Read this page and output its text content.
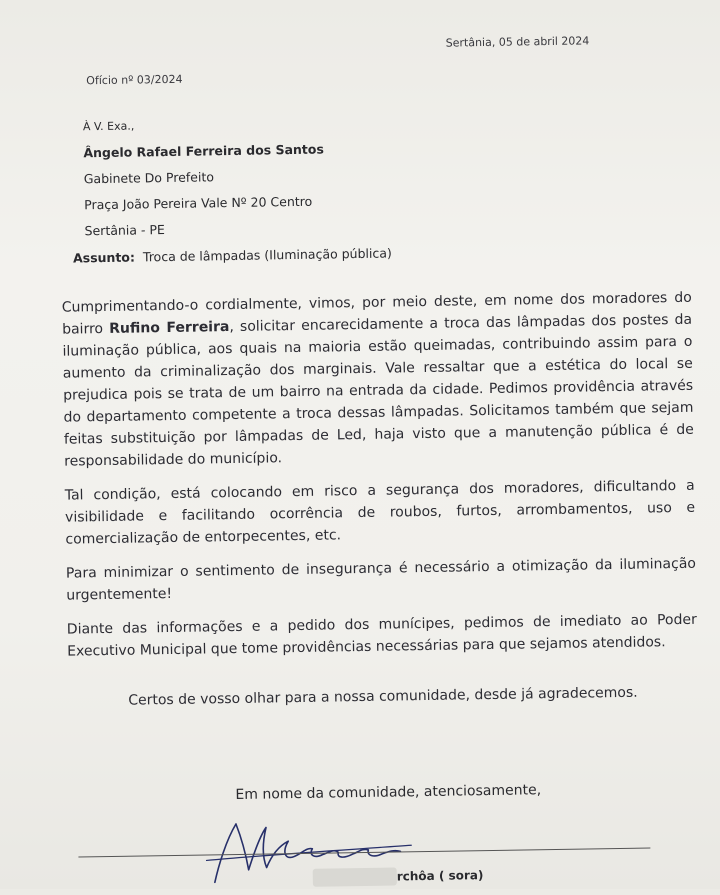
Sertânia, 05 de abril 2024
Ofício nº 03/2024
À V. Exa.,
Ângelo Rafael Ferreira dos Santos
Gabinete Do Prefeito
Praça João Pereira Vale Nº 20 Centro
Sertânia - PE
Assunto: Troca de lâmpadas (Iluminação pública)

Cumprimentando-o cordialmente, vimos, por meio deste, em nome dos moradores do bairro Rufino Ferreira, solicitar encarecidamente a troca das lâmpadas dos postes da iluminação pública, aos quais na maioria estão queimadas, contribuindo assim para o aumento da criminalização dos marginais. Vale ressaltar que a estética do local se prejudica pois se trata de um bairro na entrada da cidade. Pedimos providência através do departamento competente a troca dessas lâmpadas. Solicitamos também que sejam feitas substituição por lâmpadas de Led, haja visto que a manutenção pública é de responsabilidade do município.

Tal condição, está colocando em risco a segurança dos moradores, dificultando a visibilidade e facilitando ocorrência de roubos, furtos, arrombamentos, uso e comercialização de entorpecentes, etc.

Para minimizar o sentimento de insegurança é necessário a otimização da iluminação urgentemente!

Diante das informações e a pedido dos munícipes, pedimos de imediato ao Poder Executivo Municipal que tome providências necessárias para que sejamos atendidos.

Certos de vosso olhar para a nossa comunidade, desde já agradecemos.

Em nome da comunidade, atenciosamente,
rchôa ( sora)
